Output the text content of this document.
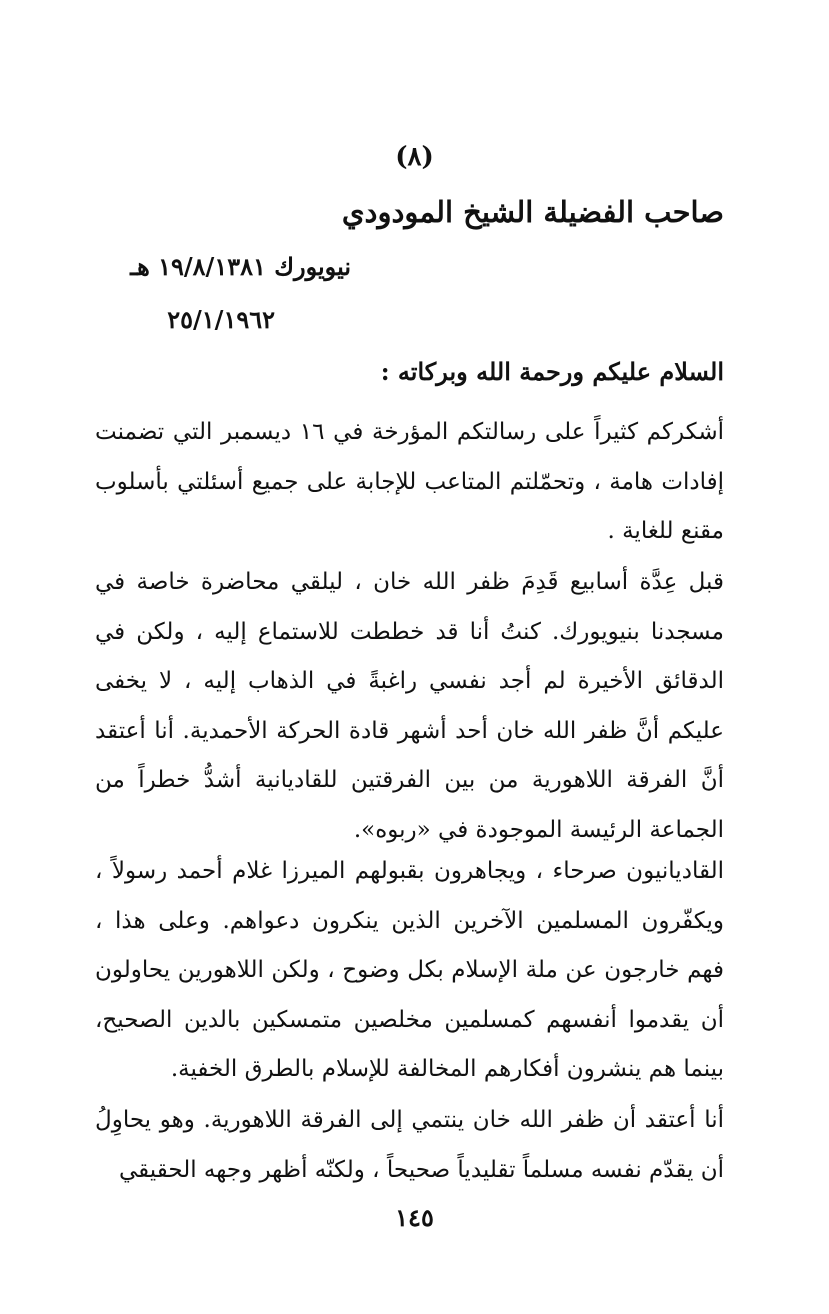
(٨)
صاحب الفضيلة الشيخ المودودي
نيويورك ١٩/٨/١٣٨١ هـ
٢٥/١/١٩٦٢
السلام عليكم ورحمة الله وبركاته :
أشكركم كثيراً على رسالتكم المؤرخة في ١٦ ديسمبر التي تضمنت إفادات هامة ، وتحمّلتم المتاعب للإجابة على جميع أسئلتي بأسلوب مقنع للغاية .
قبل عِدَّة أسابيع قَدِمَ ظفر الله خان ، ليلقي محاضرة خاصة في مسجدنا بنيويورك. كنتُ أنا قد خططت للاستماع إليه ، ولكن في الدقائق الأخيرة لم أجد نفسي راغبةً في الذهاب إليه ، لا يخفى عليكم أنَّ ظفر الله خان أحد أشهر قادة الحركة الأحمدية. أنا أعتقد أنَّ الفرقة اللاهورية من بين الفرقتين للقاديانية أشدُّ خطراً من الجماعة الرئيسة الموجودة في «ربوه».
القاديانيون صرحاء ، ويجاهرون بقبولهم الميرزا غلام أحمد رسولاً ، ويكفّرون المسلمين الآخرين الذين ينكرون دعواهم. وعلى هذا ، فهم خارجون عن ملة الإسلام بكل وضوح ، ولكن اللاهورين يحاولون أن يقدموا أنفسهم كمسلمين مخلصين متمسكين بالدين الصحيح، بينما هم ينشرون أفكارهم المخالفة للإسلام بالطرق الخفية.
أنا أعتقد أن ظفر الله خان ينتمي إلى الفرقة اللاهورية. وهو يحاوِلُ أن يقدّم نفسه مسلماً تقليدياً صحيحاً ، ولكنّه أظهر وجهه الحقيقي
١٤٥
